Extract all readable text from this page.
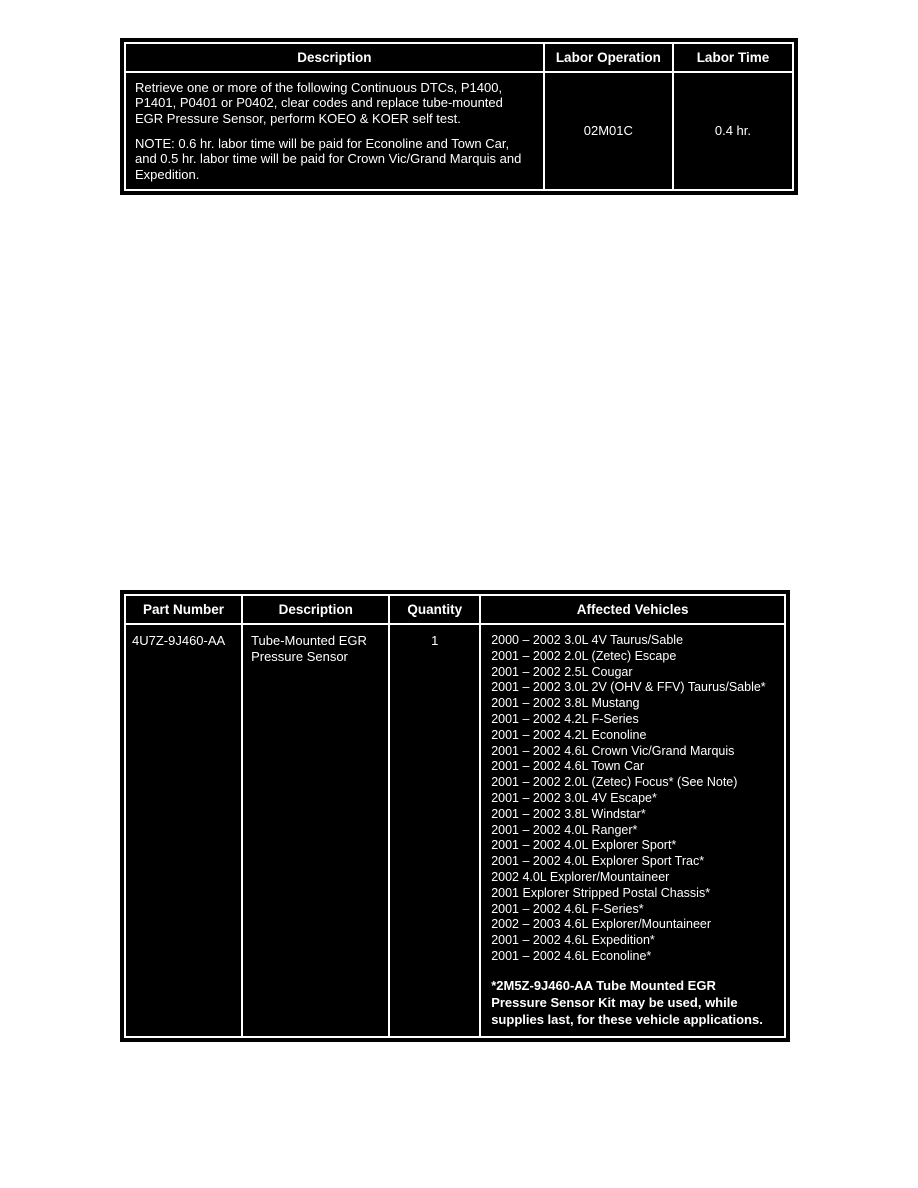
Description	Labor Operation	Labor Time

Retrieve one or more of the following Continuous DTCs, P1400, P1401, P0401 or P0402, clear codes and replace tube-mounted EGR Pressure Sensor, perform KOEO & KOER self test.

NOTE: 0.6 hr. labor time will be paid for Econoline and Town Car, and 0.5 hr. labor time will be paid for Crown Vic/Grand Marquis and Expedition.	02M01C	0.4 hr.
Part Number	Description	Quantity	Affected Vehicles
4U7Z-9J460-AA	Tube-Mounted EGR Pressure Sensor	1	2000 – 2002 3.0L 4V Taurus/Sable
2001 – 2002 2.0L (Zetec) Escape
2001 – 2002 2.5L Cougar
2001 – 2002 3.0L 2V (OHV & FFV) Taurus/Sable*
2001 – 2002 3.8L Mustang
2001 – 2002 4.2L F-Series
2001 – 2002 4.2L Econoline
2001 – 2002 4.6L Crown Vic/Grand Marquis
2001 – 2002 4.6L Town Car
2001 – 2002 2.0L (Zetec) Focus* (See Note)
2001 – 2002 3.0L 4V Escape*
2001 – 2002 3.8L Windstar*
2001 – 2002 4.0L Ranger*
2001 – 2002 4.0L Explorer Sport*
2001 – 2002 4.0L Explorer Sport Trac*
2002 4.0L Explorer/Mountaineer
2001 Explorer Stripped Postal Chassis*
2001 – 2002 4.6L F-Series*
2002 – 2003 4.6L Explorer/Mountaineer
2001 – 2002 4.6L Expedition*
2001 – 2002 4.6L Econoline*

*2M5Z-9J460-AA Tube Mounted EGR Pressure Sensor Kit may be used, while supplies last, for these vehicle applications.
